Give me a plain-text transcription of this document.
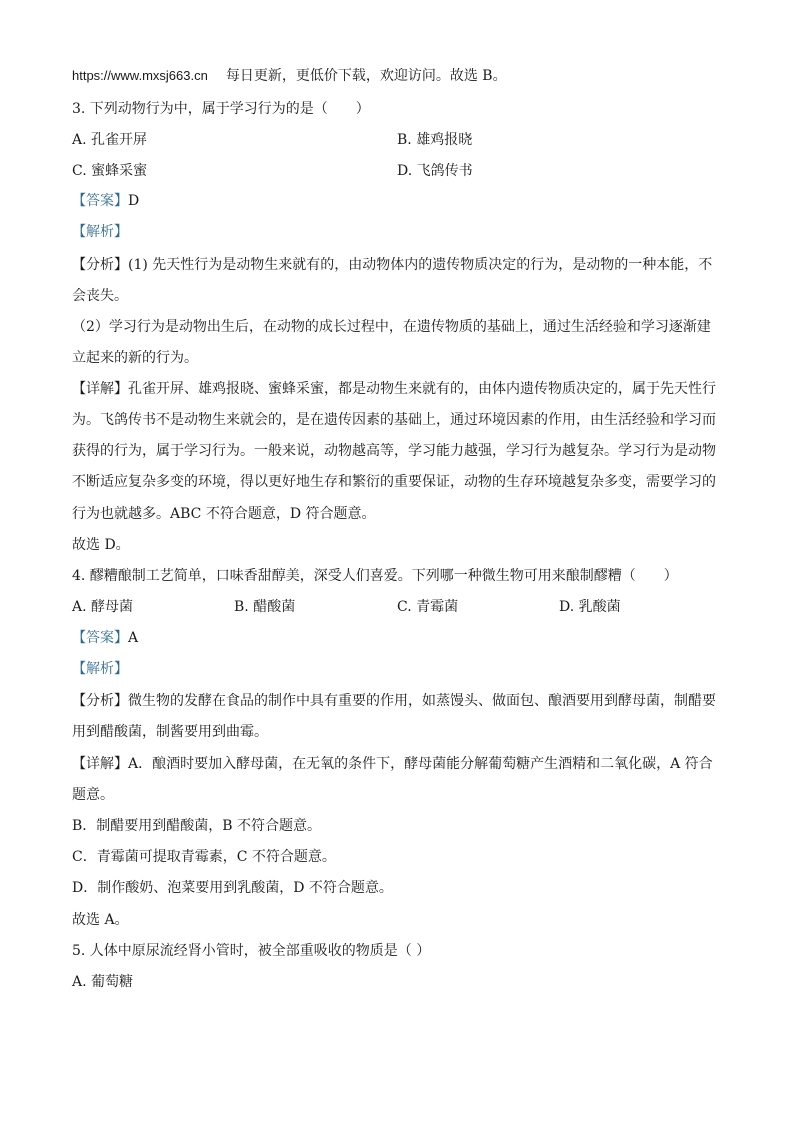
https://www.mxsj663.cn 每日更新，更低价下载，欢迎访问。故选 B。
3. 下列动物行为中，属于学习行为的是（　　）
A. 孔雀开屏	B. 雄鸡报晓
C. 蜜蜂采蜜	D. 飞鸽传书
【答案】D
【解析】
【分析】(1) 先天性行为是动物生来就有的，由动物体内的遗传物质决定的行为，是动物的一种本能，不
会丧失。
（2）学习行为是动物出生后，在动物的成长过程中，在遗传物质的基础上，通过生活经验和学习逐渐建
立起来的新的行为。
【详解】孔雀开屏、雄鸡报晓、蜜蜂采蜜，都是动物生来就有的，由体内遗传物质决定的，属于先天性行
为。飞鸽传书不是动物生来就会的，是在遗传因素的基础上，通过环境因素的作用，由生活经验和学习而
获得的行为，属于学习行为。一般来说，动物越高等，学习能力越强，学习行为越复杂。学习行为是动物
不断适应复杂多变的环境，得以更好地生存和繁衍的重要保证，动物的生存环境越复杂多变，需要学习的
行为也就越多。ABC 不符合题意，D 符合题意。
故选 D。
4. 醪糟酿制工艺简单，口味香甜醇美，深受人们喜爱。下列哪一种微生物可用来酿制醪糟（　　）
A. 酵母菌	B. 醋酸菌	C. 青霉菌	D. 乳酸菌
【答案】A
【解析】
【分析】微生物的发酵在食品的制作中具有重要的作用，如蒸馒头、做面包、酿酒要用到酵母菌，制醋要
用到醋酸菌，制酱要用到曲霉。
【详解】A．酿酒时要加入酵母菌，在无氧的条件下，酵母菌能分解葡萄糖产生酒精和二氧化碳，A 符合
题意。
B．制醋要用到醋酸菌，B 不符合题意。
C．青霉菌可提取青霉素，C 不符合题意。
D．制作酸奶、泡菜要用到乳酸菌，D 不符合题意。
故选 A。
5. 人体中原尿流经肾小管时，被全部重吸收的物质是（ ）
A. 葡萄糖
